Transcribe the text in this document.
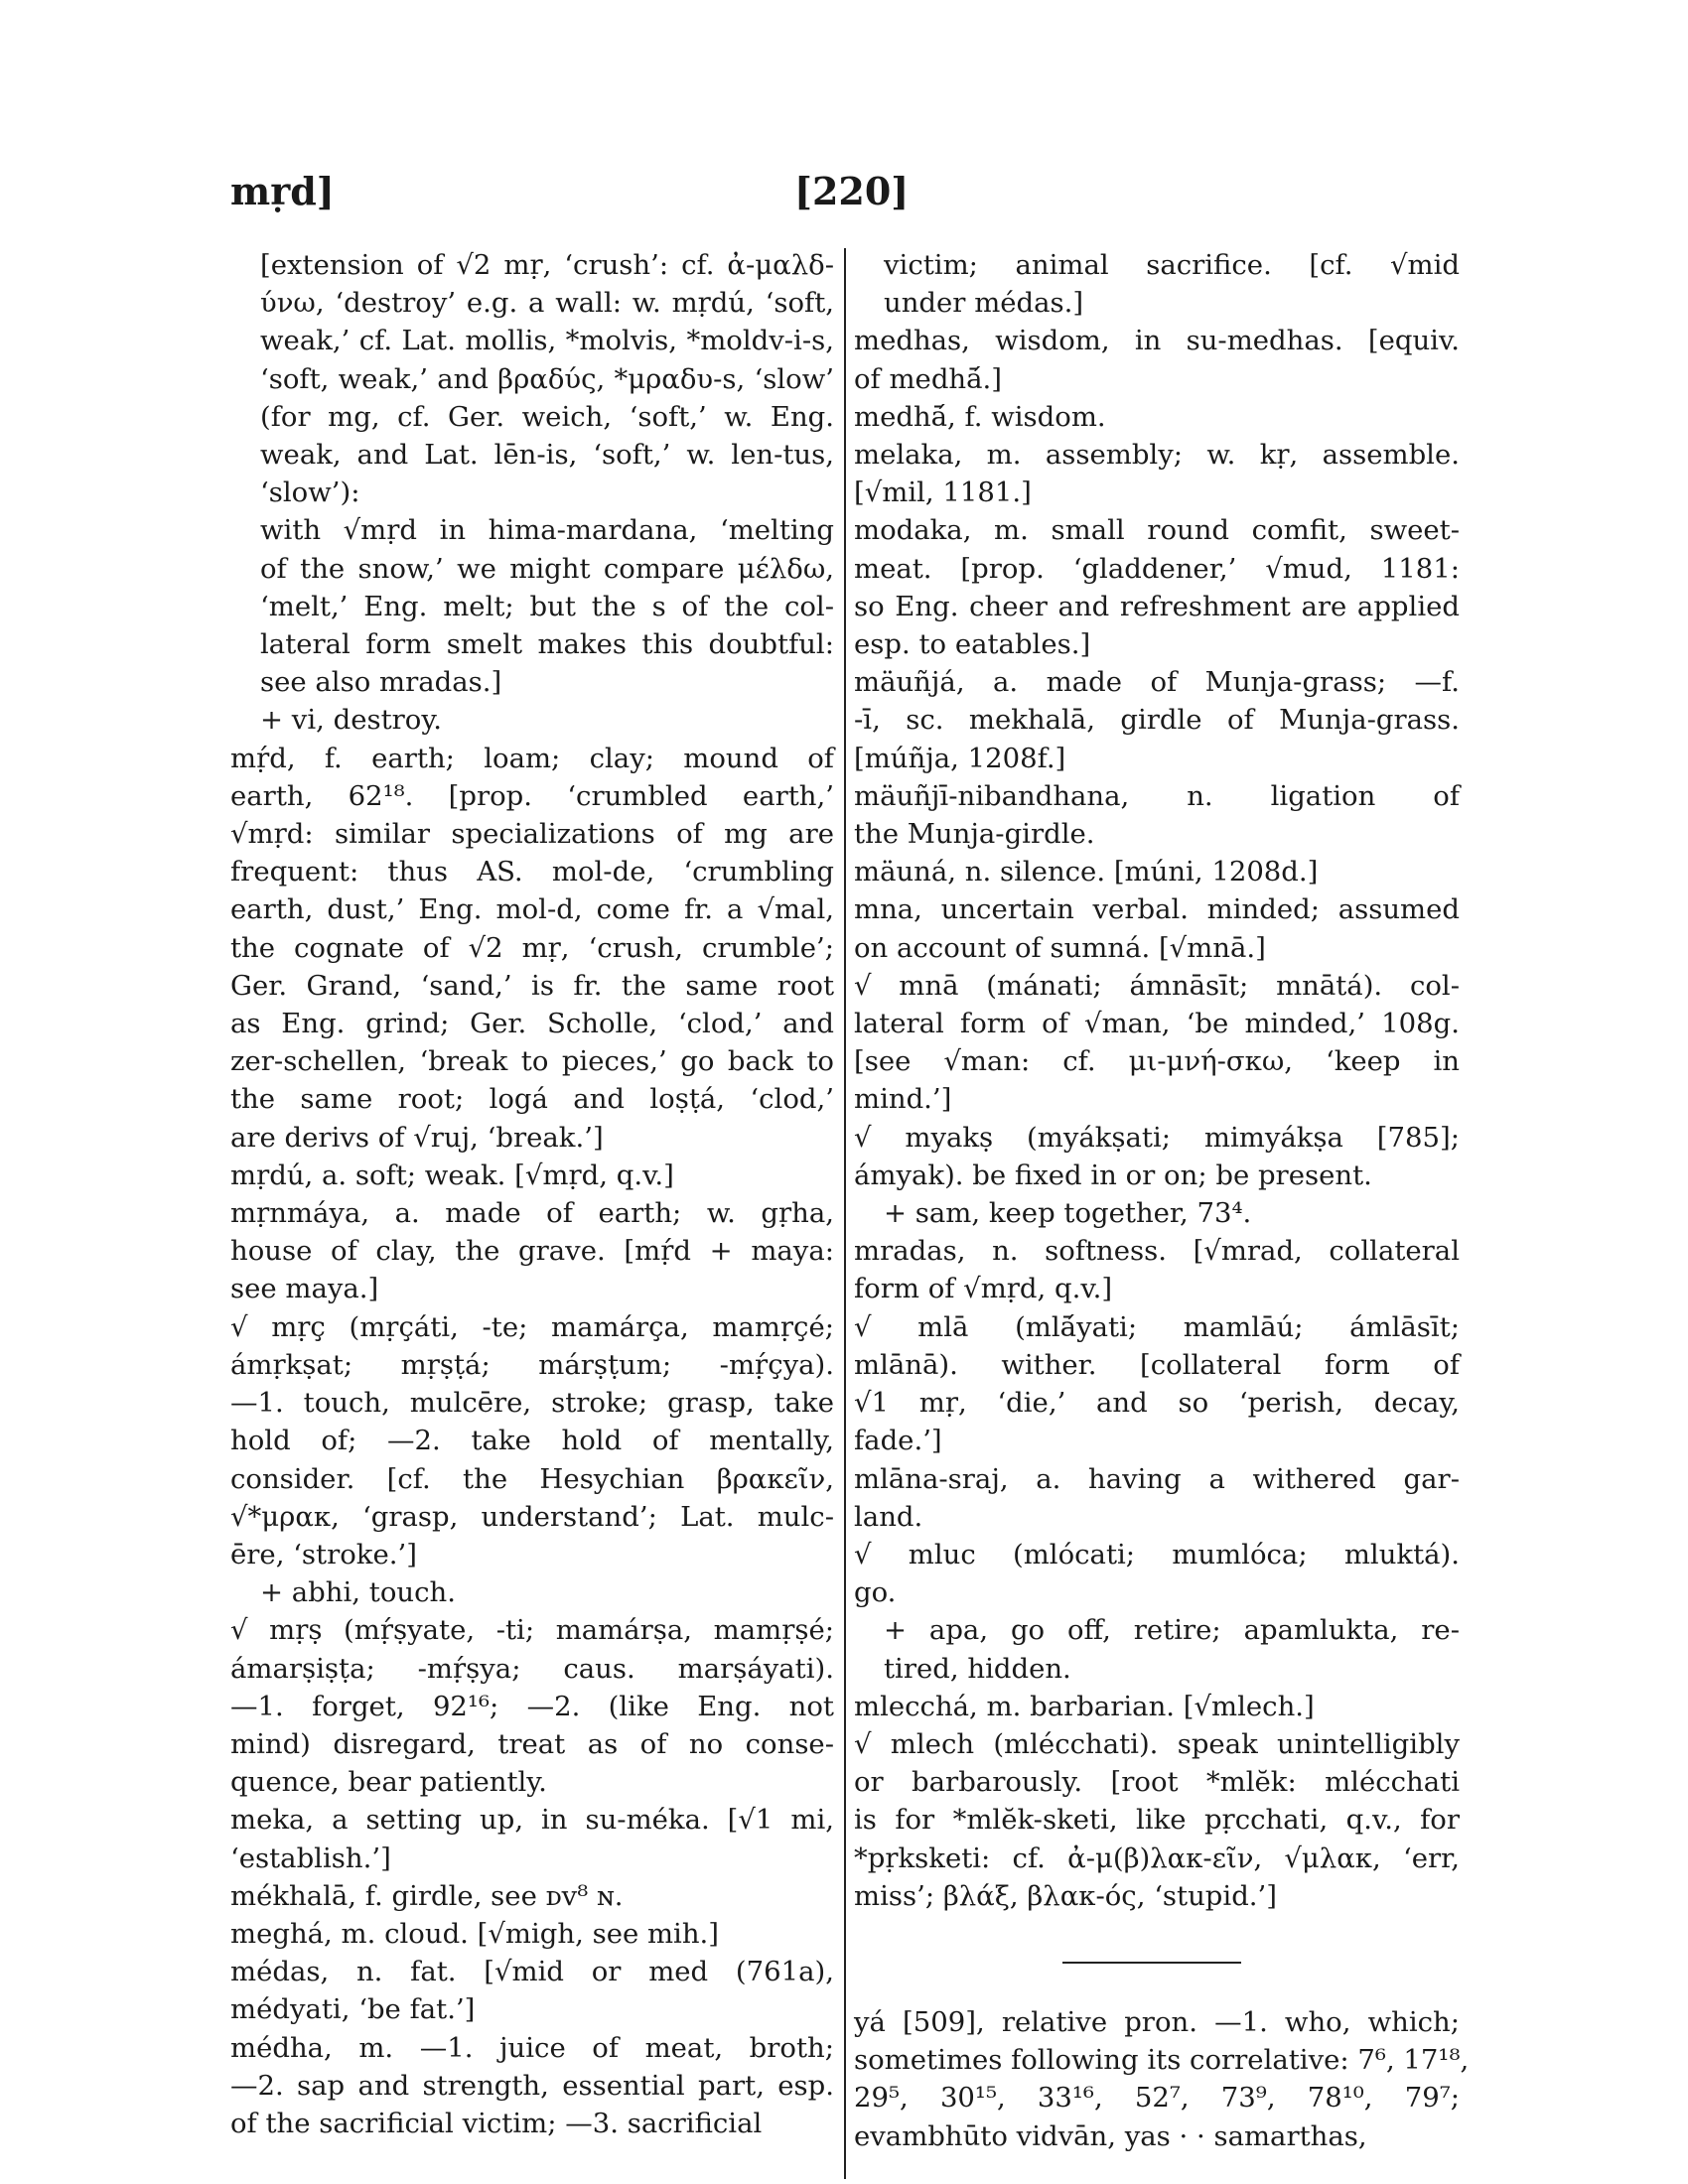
mṛd]	[220]
[extension of √2 mṛ, ‘crush’: cf. ἀ-μαλδ-
ύνω, ‘destroy’ e.g. a wall: w. mṛdú, ‘soft,
weak,’ cf. Lat. mollis, *molvis, *moldv-i-s,
‘soft, weak,’ and βραδύς, *μραδυ-s, ‘slow’
(for mg, cf. Ger. weich, ‘soft,’ w. Eng.
weak, and Lat. lēn-is, ‘soft,’ w. len-tus,
‘slow’):
with √mṛd in hima-mardana, ‘melting
of the snow,’ we might compare μέλδω,
‘melt,’ Eng. melt; but the s of the col-
lateral form smelt makes this doubtful:
see also mradas.]
+ vi, destroy.
mṛ́d, f. earth; loam; clay; mound of
earth, 62¹⁸. [prop. ‘crumbled earth,’
√mṛd: similar specializations of mg are
frequent: thus AS. mol-de, ‘crumbling
earth, dust,’ Eng. mol-d, come fr. a √mal,
the cognate of √2 mṛ, ‘crush, crumble’;
Ger. Grand, ‘sand,’ is fr. the same root
as Eng. grind; Ger. Scholle, ‘clod,’ and
zer-schellen, ‘break to pieces,’ go back to
the same root; logá and loṣṭá, ‘clod,’
are derivs of √ruj, ‘break.’]
mṛdú, a. soft; weak. [√mṛd, q.v.]
mṛnmáya, a. made of earth; w. gṛha,
house of clay, the grave. [mṛ́d + maya:
see maya.]
√ mṛç (mṛçáti, -te; mamárça, mamṛçé;
ámṛkṣat; mṛṣṭá; márṣṭum; -mṛ́çya).
—1. touch, mulcēre, stroke; grasp, take
hold of; —2. take hold of mentally,
consider. [cf. the Hesychian βρακεῖν,
√*μρακ, ‘grasp, understand’; Lat. mulc-
ēre, ‘stroke.’]
+ abhi, touch.
√ mṛṣ (mṛ́ṣyate, -ti; mamárṣa, mamṛṣé;
ámarṣiṣṭa; -mṛ́ṣya; caus. marṣáyati).
—1. forget, 92¹⁶; —2. (like Eng. not
mind) disregard, treat as of no conse-
quence, bear patiently.
meka, a setting up, in su-méka. [√1 mi,
‘establish.’]
mékhalā, f. girdle, see ᴅᴠ⁸ ɴ.
meghá, m. cloud. [√migh, see mih.]
médas, n. fat. [√mid or med (761a),
médyati, ‘be fat.’]
médha, m. —1. juice of meat, broth;
—2. sap and strength, essential part, esp.
of the sacrificial victim; —3. sacrificial
victim; animal sacrifice. [cf. √mid
under médas.]
medhas, wisdom, in su-medhas. [equiv.
of medhā́.]
medhā́, f. wisdom.
melaka, m. assembly; w. kṛ, assemble.
[√mil, 1181.]
modaka, m. small round comfit, sweet-
meat. [prop. ‘gladdener,’ √mud, 1181:
so Eng. cheer and refreshment are applied
esp. to eatables.]
mäuñjá, a. made of Munja-grass; —f.
-ī, sc. mekhalā, girdle of Munja-grass.
[múñja, 1208f.]
mäuñjī-nibandhana, n. ligation of
the Munja-girdle.
mäuná, n. silence. [múni, 1208d.]
mna, uncertain verbal. minded; assumed
on account of sumná. [√mnā.]
√ mnā (mánati; ámnāsīt; mnātá). col-
lateral form of √man, ‘be minded,’ 108g.
[see √man: cf. μι-μνή-σκω, ‘keep in
mind.’]
√ myakṣ (myákṣati; mimyákṣa [785];
ámyak). be fixed in or on; be present.
+ sam, keep together, 73⁴.
mradas, n. softness. [√mrad, collateral
form of √mṛd, q.v.]
√ mlā (mlā́yati; mamlāú; ámlāsīt;
mlānā). wither. [collateral form of
√1 mṛ, ‘die,’ and so ‘perish, decay,
fade.’]
mlāna-sraj, a. having a withered gar-
land.
√ mluc (mlócati; mumlóca; mluktá).
go.
+ apa, go off, retire; apamlukta, re-
tired, hidden.
mlecchá, m. barbarian. [√mlech.]
√ mlech (mlécchati). speak unintelligibly
or barbarously. [root *mlĕk: mlécchati
is for *mlĕk-sketi, like pṛcchati, q.v., for
*pṛksketi: cf. ἀ-μ(β)λακ-εῖν, √μλακ, ‘err,
miss’; βλάξ, βλακ-ός, ‘stupid.’]
yá [509], relative pron. —1. who, which;
sometimes following its correlative: 7⁶, 17¹⁸,
29⁵, 30¹⁵, 33¹⁶, 52⁷, 73⁹, 78¹⁰, 79⁷;
evambhūto vidvān, yas · · samarthas,
